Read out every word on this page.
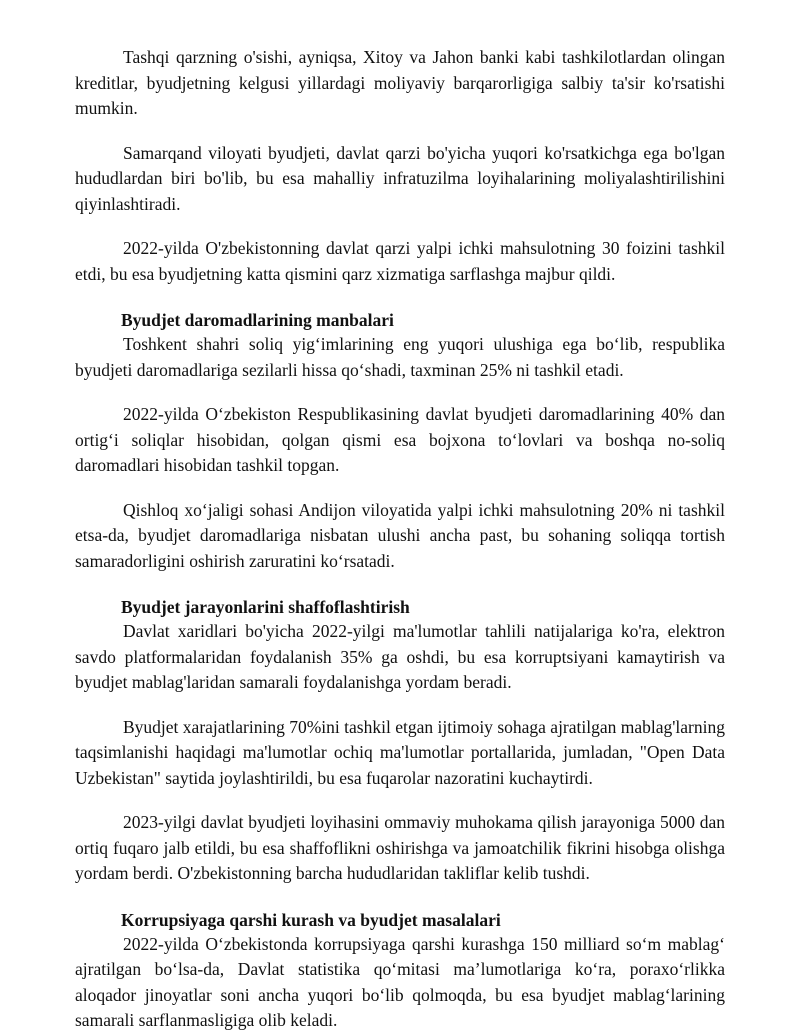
Tashqi qarzning o'sishi, ayniqsa, Xitoy va Jahon banki kabi tashkilotlardan olingan kreditlar, byudjetning kelgusi yillardagi moliyaviy barqarorligiga salbiy ta'sir ko'rsatishi mumkin.

Samarqand viloyati byudjeti, davlat qarzi bo'yicha yuqori ko'rsatkichga ega bo'lgan hududlardan biri bo'lib, bu esa mahalliy infratuzilma loyihalarining moliyalashtirilishini qiyinlashtiradi.

2022-yilda O'zbekistonning davlat qarzi yalpi ichki mahsulotning 30 foizini tashkil etdi, bu esa byudjetning katta qismini qarz xizmatiga sarflashga majbur qildi.

Byudjet daromadlarining manbalari

Toshkent shahri soliq yig‘imlarining eng yuqori ulushiga ega bo‘lib, respublika byudjeti daromadlariga sezilarli hissa qo‘shadi, taxminan 25% ni tashkil etadi.

2022-yilda O‘zbekiston Respublikasining davlat byudjeti daromadlarining 40% dan ortig‘i soliqlar hisobidan, qolgan qismi esa bojxona to‘lovlari va boshqa no-soliq daromadlari hisobidan tashkil topgan.

Qishloq xo‘jaligi sohasi Andijon viloyatida yalpi ichki mahsulotning 20% ni tashkil etsa-da, byudjet daromadlariga nisbatan ulushi ancha past, bu sohaning soliqqa tortish samaradorligini oshirish zaruratini ko‘rsatadi.

Byudjet jarayonlarini shaffoflashtirish

Davlat xaridlari bo'yicha 2022-yilgi ma'lumotlar tahlili natijalariga ko'ra, elektron savdo platformalaridan foydalanish 35% ga oshdi, bu esa korruptsiyani kamaytirish va byudjet mablag'laridan samarali foydalanishga yordam beradi.

Byudjet xarajatlarining 70%ini tashkil etgan ijtimoiy sohaga ajratilgan mablag'larning taqsimlanishi haqidagi ma'lumotlar ochiq ma'lumotlar portallarida, jumladan, "Open Data Uzbekistan" saytida joylashtirildi, bu esa fuqarolar nazoratini kuchaytirdi.

2023-yilgi davlat byudjeti loyihasini ommaviy muhokama qilish jarayoniga 5000 dan ortiq fuqaro jalb etildi, bu esa shaffoflikni oshirishga va jamoatchilik fikrini hisobga olishga yordam berdi. O'zbekistonning barcha hududlaridan takliflar kelib tushdi.

Korrupsiyaga qarshi kurash va byudjet masalalari

2022-yilda O‘zbekistonda korrupsiyaga qarshi kurashga 150 milliard so‘m mablag‘ ajratilgan bo‘lsa-da, Davlat statistika qo‘mitasi ma’lumotlariga ko‘ra, poraxo‘rlikka aloqador jinoyatlar soni ancha yuqori bo‘lib qolmoqda, bu esa byudjet mablag‘larining samarali sarflanmasligiga olib keladi.
